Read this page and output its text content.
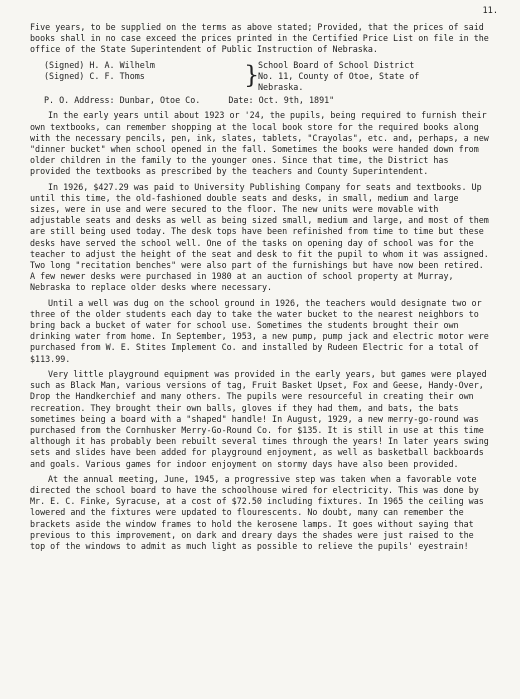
11.

Five years, to be supplied on the terms as above stated; Provided, that the prices of said books shall in no case exceed the prices printed in the Certified Price List on file in the office of the State Superintendent of Public Instruction of Nebraska.

(Signed) H. A. Wilhelm	}
School Board of School District
No. 11, County of Otoe, State of
Nebraska.
(Signed) C. F. Thoms
P. O. Address: Dunbar, Otoe Co.	Date: Oct. 9th, 1891"

In the early years until about 1923 or '24, the pupils, being required to furnish their own textbooks, can remember shopping at the local book store for the required books along with the necessary pencils, pen, ink, slates, tablets, "Crayolas", etc. and, perhaps, a new "dinner bucket" when school opened in the fall. Sometimes the books were handed down from older children in the family to the younger ones. Since that time, the District has provided the textbooks as prescribed by the teachers and County Superintendent.

In 1926, $427.29 was paid to University Publishing Company for seats and textbooks. Up until this time, the old-fashioned double seats and desks, in small, medium and large sizes, were in use and were secured to the floor. The new units were movable with adjustable seats and desks as well as being sized small, medium and large, and most of them are still being used today. The desk tops have been refinished from time to time but these desks have served the school well. One of the tasks on opening day of school was for the teacher to adjust the height of the seat and desk to fit the pupil to whom it was assigned. Two long "recitation benches" were also part of the furnishings but have now been retired. A few newer desks were purchased in 1980 at an auction of school property at Murray, Nebraska to replace older desks where necessary.

Until a well was dug on the school ground in 1926, the teachers would designate two or three of the older students each day to take the water bucket to the nearest neighbors to bring back a bucket of water for school use. Sometimes the students brought their own drinking water from home. In September, 1953, a new pump, pump jack and electric motor were purchased from W. E. Stites Implement Co. and installed by Rudeen Electric for a total of $113.99.

Very little playground equipment was provided in the early years, but games were played such as Black Man, various versions of tag, Fruit Basket Upset, Fox and Geese, Handy-Over, Drop the Handkerchief and many others. The pupils were resourceful in creating their own recreation. They brought their own balls, gloves if they had them, and bats, the bats sometimes being a board with a "shaped" handle! In August, 1929, a new merry-go-round was purchased from the Cornhusker Merry-Go-Round Co. for $135. It is still in use at this time although it has probably been rebuilt several times through the years! In later years swing sets and slides have been added for playground enjoyment, as well as basketball backboards and goals. Various games for indoor enjoyment on stormy days have also been provided.

At the annual meeting, June, 1945, a progressive step was taken when a favorable vote directed the school board to have the schoolhouse wired for electricity. This was done by Mr. E. C. Finke, Syracuse, at a cost of $72.50 including fixtures. In 1965 the ceiling was lowered and the fixtures were updated to flourescents. No doubt, many can remember the brackets aside the window frames to hold the kerosene lamps. It goes without saying that previous to this improvement, on dark and dreary days the shades were just raised to the top of the windows to admit as much light as possible to relieve the pupils' eyestrain!
